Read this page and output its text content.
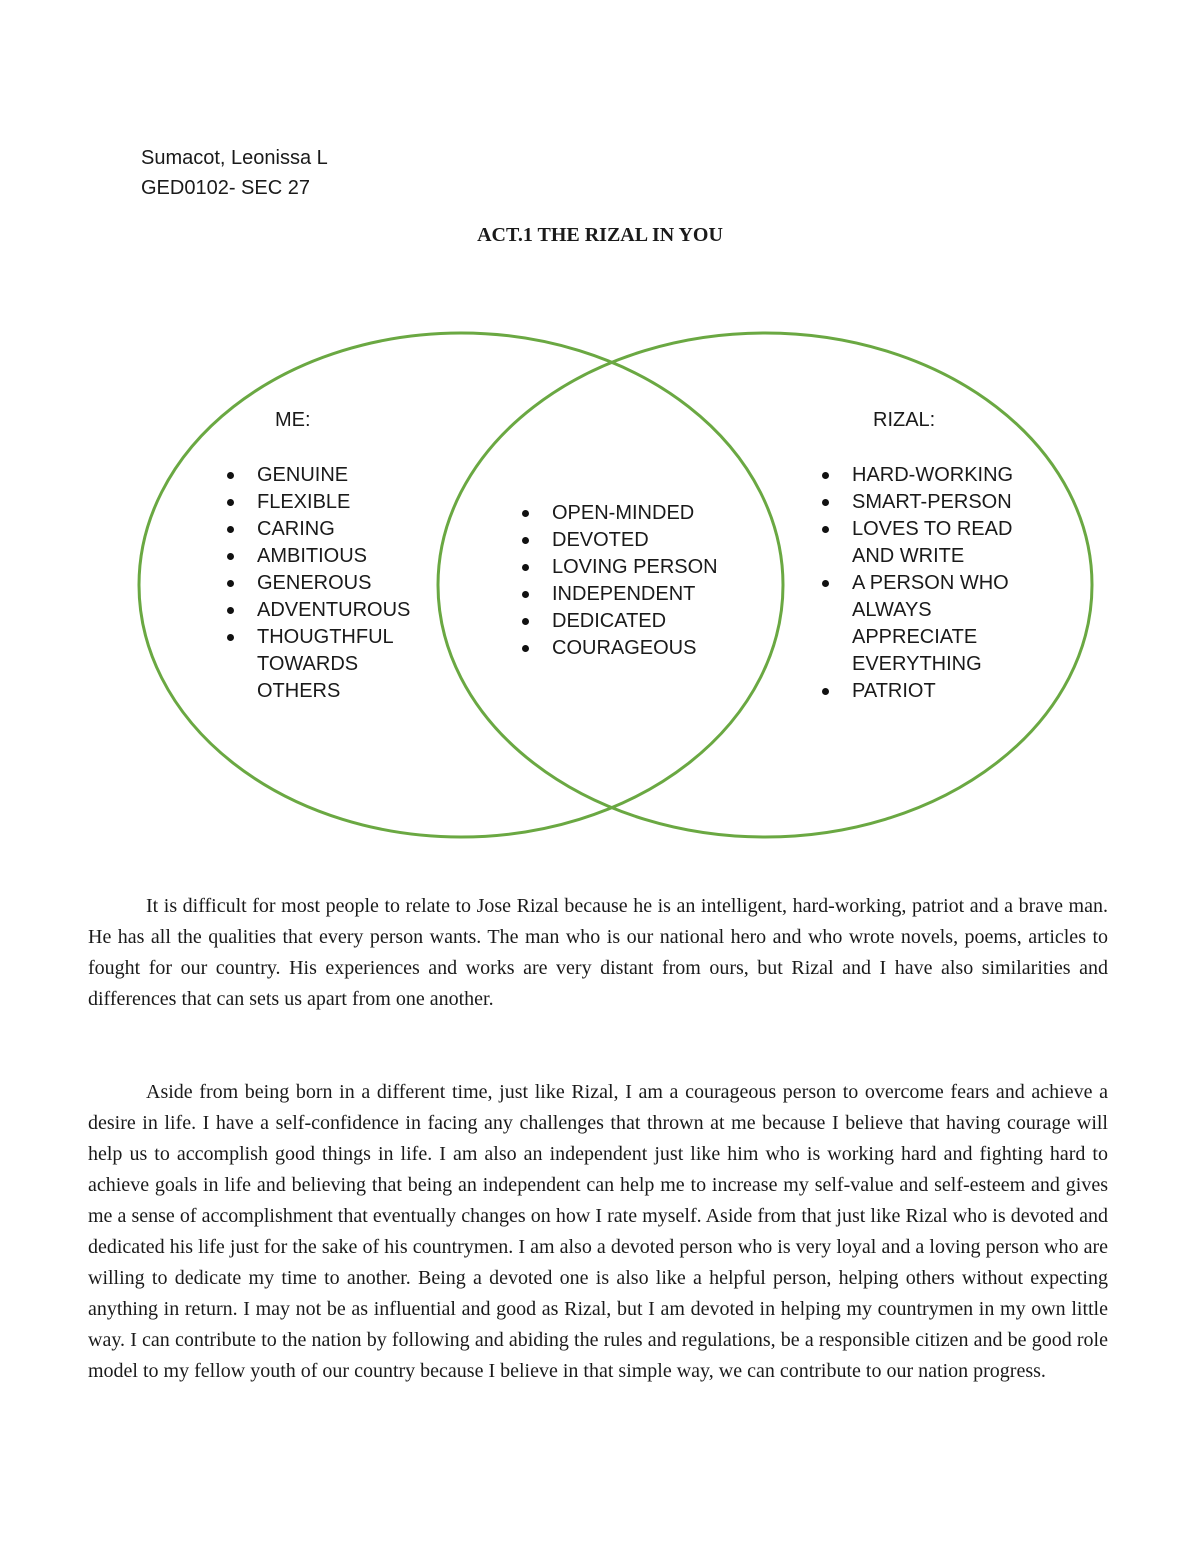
Sumacot, Leonissa L
GED0102- SEC 27
ACT.1 THE RIZAL IN YOU
ME:	RIZAL:
GENUINE
FLEXIBLE
CARING
AMBITIOUS
GENEROUS
ADVENTUROUS
THOUGTHFUL TOWARDS OTHERS
OPEN-MINDED
DEVOTED
LOVING PERSON
INDEPENDENT
DEDICATED
COURAGEOUS
HARD-WORKING
SMART-PERSON
LOVES TO READ AND WRITE
A PERSON WHO ALWAYS APPRECIATE EVERYTHING
PATRIOT

It is difficult for most people to relate to Jose Rizal because he is an intelligent, hard-working, patriot and a brave man. He has all the qualities that every person wants. The man who is our national hero and who wrote novels, poems, articles to fought for our country. His experiences and works are very distant from ours, but Rizal and I have also similarities and differences that can sets us apart from one another.

Aside from being born in a different time, just like Rizal, I am a courageous person to overcome fears and achieve a desire in life. I have a self-confidence in facing any challenges that thrown at me because I believe that having courage will help us to accomplish good things in life. I am also an independent just like him who is working hard and fighting hard to achieve goals in life and believing that being an independent can help me to increase my self-value and self-esteem and gives me a sense of accomplishment that eventually changes on how I rate myself. Aside from that just like Rizal who is devoted and dedicated his life just for the sake of his countrymen. I am also a devoted person who is very loyal and a loving person who are willing to dedicate my time to another. Being a devoted one is also like a helpful person, helping others without expecting anything in return. I may not be as influential and good as Rizal, but I am devoted in helping my countrymen in my own little way. I can contribute to the nation by following and abiding the rules and regulations, be a responsible citizen and be good role model to my fellow youth of our country because I believe in that simple way, we can contribute to our nation progress.
